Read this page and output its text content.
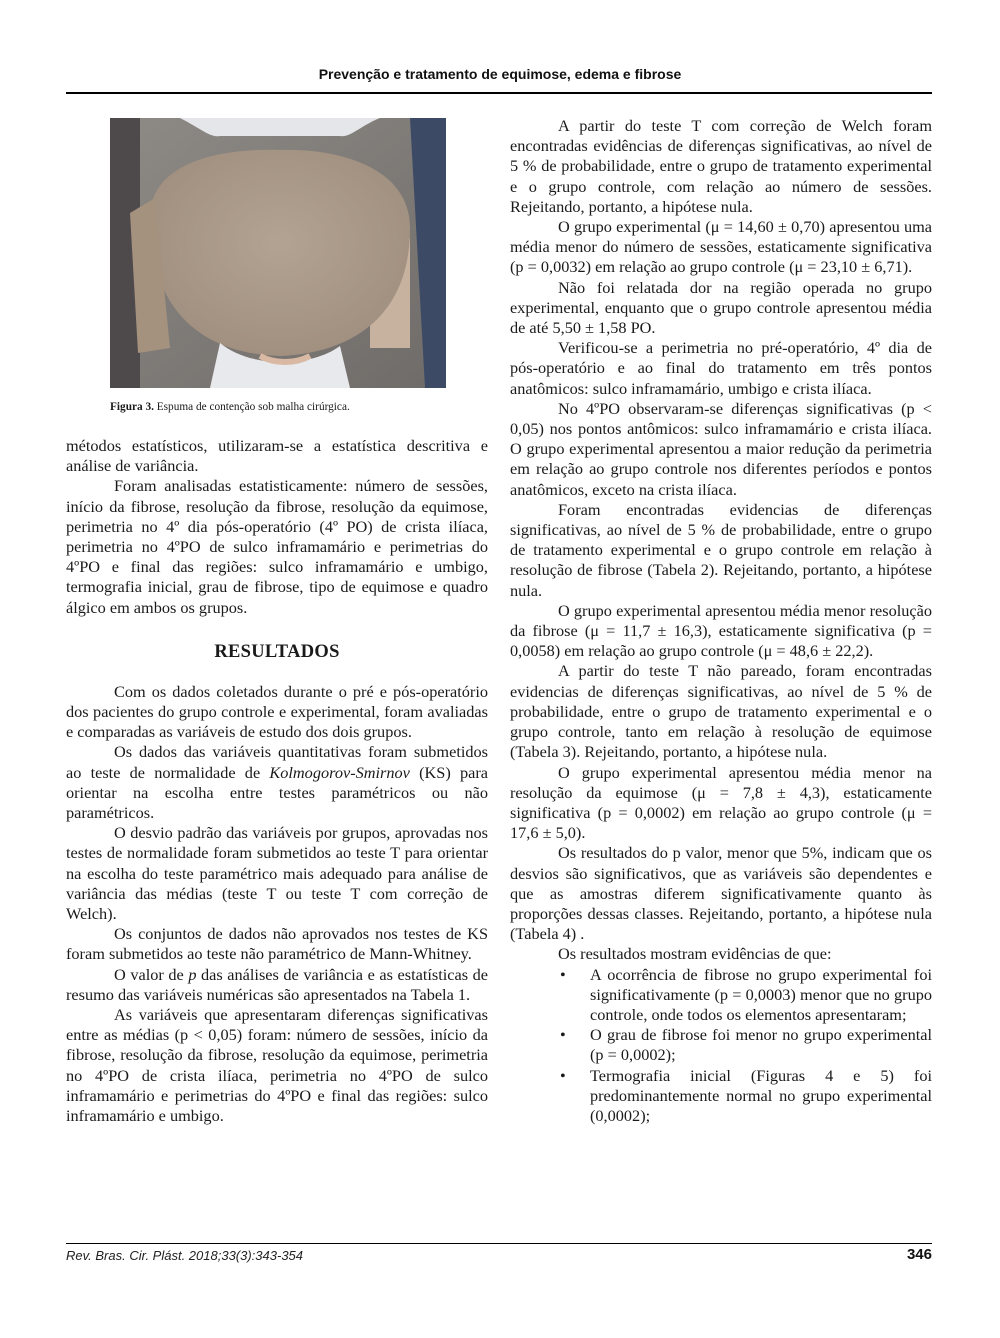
Prevenção e tratamento de equimose, edema e fibrose
Figura 3. Espuma de contenção sob malha cirúrgica.

métodos estatísticos, utilizaram-se a estatística descritiva e análise de variância.

Foram analisadas estatisticamente: número de sessões, início da fibrose, resolução da fibrose, resolução da equimose, perimetria no 4º dia pós-operatório (4º PO) de crista ilíaca, perimetria no 4ºPO de sulco inframamário e perimetrias do 4ºPO e final das regiões: sulco inframamário e umbigo, termografia inicial, grau de fibrose, tipo de equimose e quadro álgico em ambos os grupos.

RESULTADOS

Com os dados coletados durante o pré e pós-operatório dos pacientes do grupo controle e experimental, foram avaliadas e comparadas as variáveis de estudo dos dois grupos.

Os dados das variáveis quantitativas foram submetidos ao teste de normalidade de Kolmogorov-Smirnov (KS) para orientar na escolha entre testes paramétricos ou não paramétricos.

O desvio padrão das variáveis por grupos, aprovadas nos testes de normalidade foram submetidos ao teste T para orientar na escolha do teste paramétrico mais adequado para análise de variância das médias (teste T ou teste T com correção de Welch).

Os conjuntos de dados não aprovados nos testes de KS foram submetidos ao teste não paramétrico de Mann-Whitney.

O valor de p das análises de variância e as estatísticas de resumo das variáveis numéricas são apresentados na Tabela 1.

As variáveis que apresentaram diferenças significativas entre as médias (p < 0,05) foram: número de sessões, início da fibrose, resolução da fibrose, resolução da equimose, perimetria no 4ºPO de crista ilíaca, perimetria no 4ºPO de sulco inframamário e perimetrias do 4ºPO e final das regiões: sulco inframamário e umbigo.

A partir do teste T com correção de Welch foram encontradas evidências de diferenças significativas, ao nível de 5 % de probabilidade, entre o grupo de tratamento experimental e o grupo controle, com relação ao número de sessões. Rejeitando, portanto, a hipótese nula.

O grupo experimental (μ = 14,60 ± 0,70) apresentou uma média menor do número de sessões, estaticamente significativa (p = 0,0032) em relação ao grupo controle (μ = 23,10 ± 6,71).

Não foi relatada dor na região operada no grupo experimental, enquanto que o grupo controle apresentou média de até 5,50 ± 1,58 PO.

Verificou-se a perimetria no pré-operatório, 4º dia de pós-operatório e ao final do tratamento em três pontos anatômicos: sulco inframamário, umbigo e crista ilíaca.

No 4ºPO observaram-se diferenças significativas (p < 0,05) nos pontos antômicos: sulco inframamário e crista ilíaca. O grupo experimental apresentou a maior redução da perimetria em relação ao grupo controle nos diferentes períodos e pontos anatômicos, exceto na crista ilíaca.

Foram encontradas evidencias de diferenças significativas, ao nível de 5 % de probabilidade, entre o grupo de tratamento experimental e o grupo controle em relação à resolução de fibrose (Tabela 2). Rejeitando, portanto, a hipótese nula.

O grupo experimental apresentou média menor resolução da fibrose (μ = 11,7 ± 16,3), estaticamente significativa (p = 0,0058) em relação ao grupo controle (μ = 48,6 ± 22,2).

A partir do teste T não pareado, foram encontradas evidencias de diferenças significativas, ao nível de 5 % de probabilidade, entre o grupo de tratamento experimental e o grupo controle, tanto em relação à resolução de equimose (Tabela 3). Rejeitando, portanto, a hipótese nula.

O grupo experimental apresentou média menor na resolução da equimose (μ = 7,8 ± 4,3), estaticamente significativa (p = 0,0002) em relação ao grupo controle (μ = 17,6 ± 5,0).

Os resultados do p valor, menor que 5%, indicam que os desvios são significativos, que as variáveis são dependentes e que as amostras diferem significativamente quanto às proporções dessas classes. Rejeitando, portanto, a hipótese nula (Tabela 4) .

Os resultados mostram evidências de que:

• A ocorrência de fibrose no grupo experimental foi significativamente (p = 0,0003) menor que no grupo controle, onde todos os elementos apresentaram;
• O grau de fibrose foi menor no grupo experimental (p = 0,0002);
• Termografia inicial (Figuras 4 e 5) foi predominantemente normal no grupo experimental (0,0002);
Rev. Bras. Cir. Plást. 2018;33(3):343-354	346
